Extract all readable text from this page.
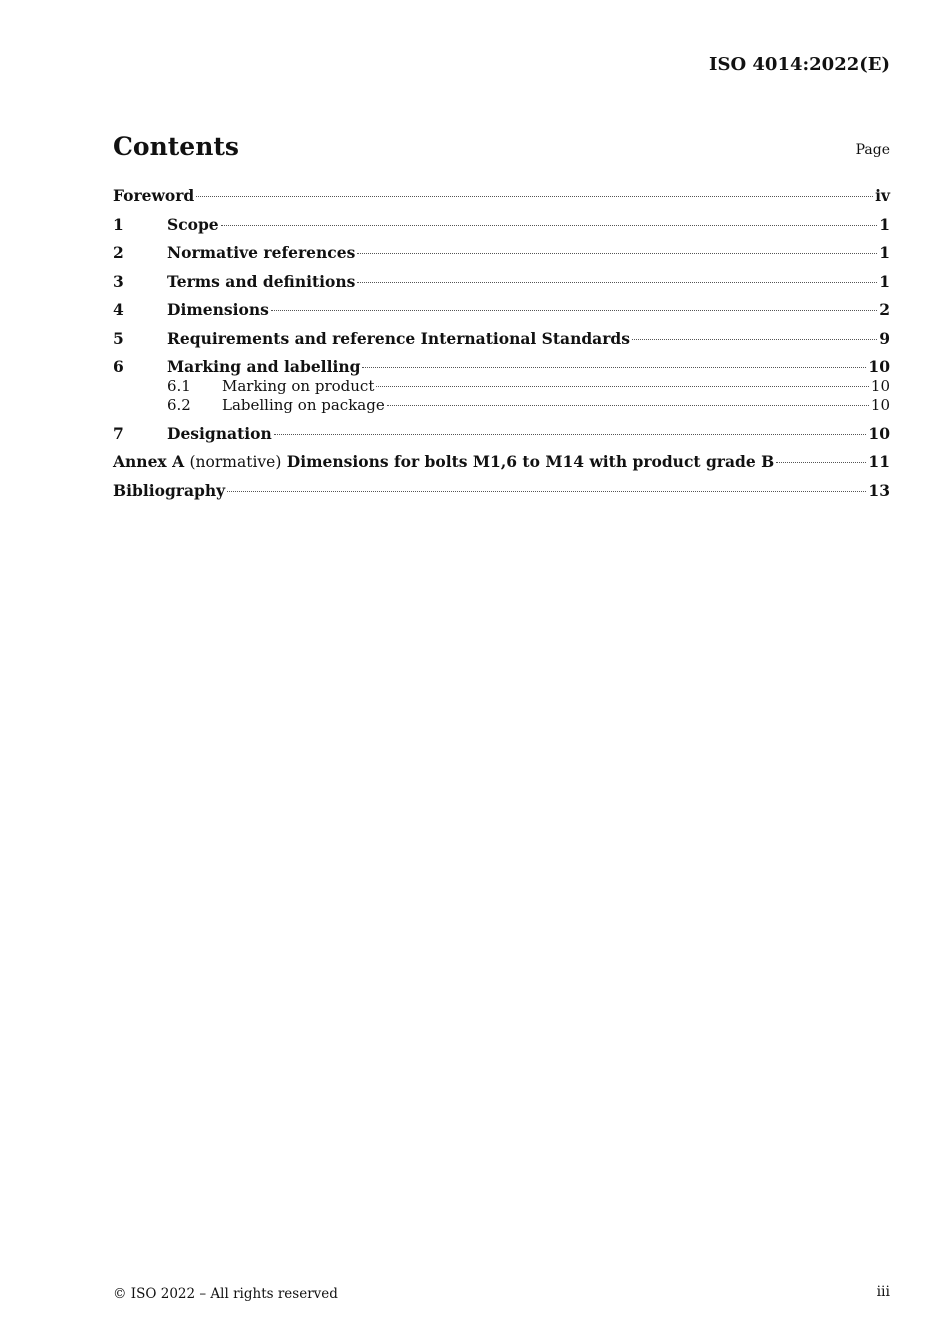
ISO 4014:2022(E)
Contents	Page
Foreword	iv
1	Scope	1
2	Normative references	1
3	Terms and definitions	1
4	Dimensions	2
5	Requirements and reference International Standards	9
6	Marking and labelling	10
6.1	Marking on product	10
6.2	Labelling on package	10
7	Designation	10
Annex A (normative) Dimensions for bolts M1,6 to M14 with product grade B	11
Bibliography	13
© ISO 2022 – All rights reserved	iii
